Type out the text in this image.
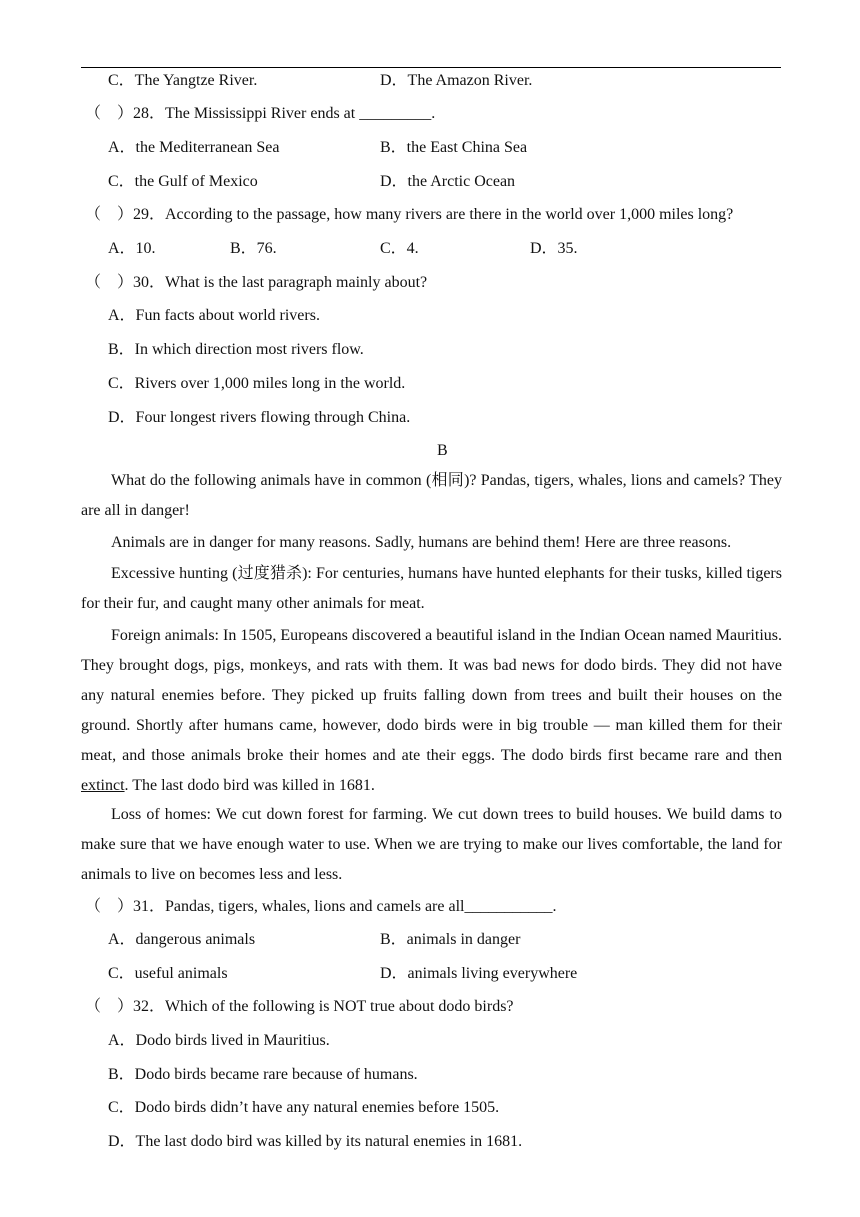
C．The Yangtze River.	D．The Amazon River.
（　）28．The Mississippi River ends at _________.
A．the Mediterranean Sea	B．the East China Sea
C．the Gulf of Mexico	D．the Arctic Ocean
（　）29．According to the passage, how many rivers are there in the world over 1,000 miles long?
A．10.	B．76.	C．4.	D．35.
（　）30．What is the last paragraph mainly about?
A．Fun facts about world rivers.
B．In which direction most rivers flow.
C．Rivers over 1,000 miles long in the world.
D．Four longest rivers flowing through China.
B
What do the following animals have in common (相同)? Pandas, tigers, whales, lions and camels? They are all in danger!
Animals are in danger for many reasons. Sadly, humans are behind them! Here are three reasons.
Excessive hunting (过度猎杀): For centuries, humans have hunted elephants for their tusks, killed tigers for their fur, and caught many other animals for meat.
Foreign animals: In 1505, Europeans discovered a beautiful island in the Indian Ocean named Mauritius. They brought dogs, pigs, monkeys, and rats with them. It was bad news for dodo birds. They did not have any natural enemies before. They picked up fruits falling down from trees and built their houses on the ground. Shortly after humans came, however, dodo birds were in big trouble — man killed them for their meat, and those animals broke their homes and ate their eggs. The dodo birds first became rare and then extinct. The last dodo bird was killed in 1681.
Loss of homes: We cut down forest for farming. We cut down trees to build houses. We build dams to make sure that we have enough water to use. When we are trying to make our lives comfortable, the land for animals to live on becomes less and less.
（　）31．Pandas, tigers, whales, lions and camels are all___________.
A．dangerous animals	B．animals in danger
C．useful animals	D．animals living everywhere
（　）32．Which of the following is NOT true about dodo birds?
A．Dodo birds lived in Mauritius.
B．Dodo birds became rare because of humans.
C．Dodo birds didn’t have any natural enemies before 1505.
D．The last dodo bird was killed by its natural enemies in 1681.
